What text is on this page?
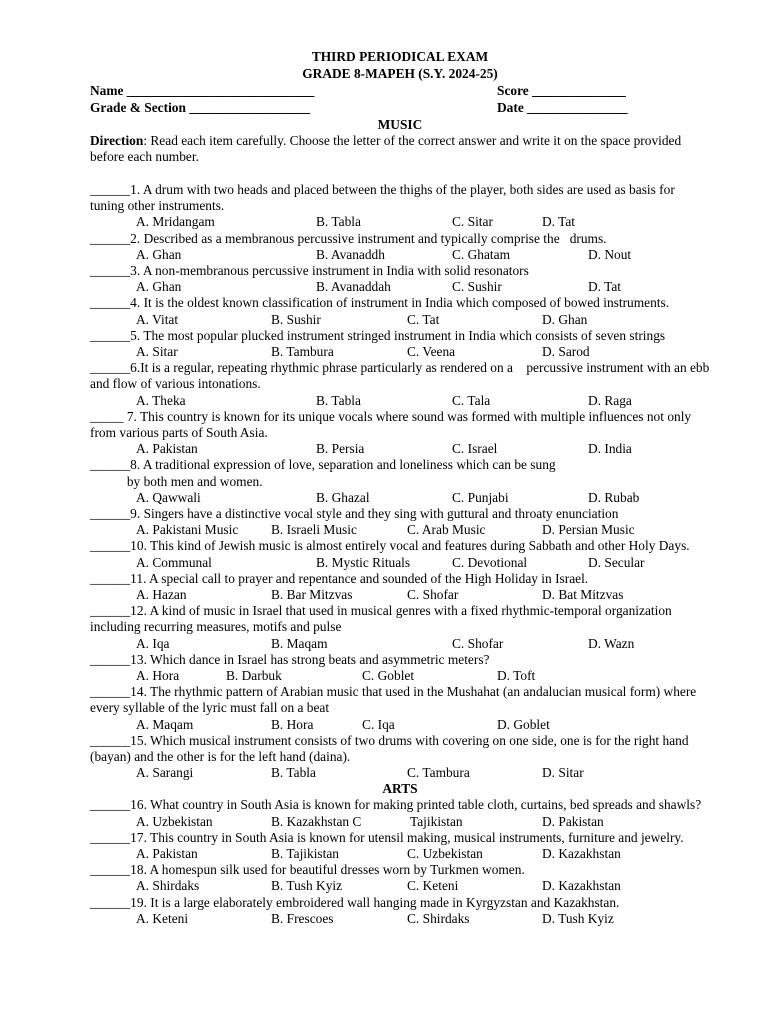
THIRD PERIODICAL EXAM
GRADE 8-MAPEH (S.Y. 2024-25)
Name ____________________________	Score ______________
Grade & Section __________________	Date _______________
MUSIC
Direction: Read each item carefully. Choose the letter of the correct answer and write it on the space provided before each number.
______1. A drum with two heads and placed between the thighs of the player, both sides are used as basis for tuning other instruments.
A. Mridangam	B. Tabla	C. Sitar	D. Tat
______2. Described as a membranous percussive instrument and typically comprise the   drums.
A. Ghan	B. Avanaddh	C. Ghatam	D. Nout
______3. A non-membranous percussive instrument in India with solid resonators
A. Ghan	B. Avanaddah	C. Sushir	D. Tat
______4. It is the oldest known classification of instrument in India which composed of bowed instruments.
A. Vitat	B. Sushir	C. Tat	D. Ghan
______5. The most popular plucked instrument stringed instrument in India which consists of seven strings
A. Sitar	B. Tambura	C. Veena	D. Sarod
______6.It is a regular, repeating rhythmic phrase particularly as rendered on a    percussive instrument with an ebb and flow of various intonations.
A. Theka	B. Tabla	C. Tala	D. Raga
_____ 7. This country is known for its unique vocals where sound was formed with multiple influences not only from various parts of South Asia.
A. Pakistan	B. Persia	C. Israel	D. India
______8. A traditional expression of love, separation and loneliness which can be sung
by both men and women.
A. Qawwali	B. Ghazal	C. Punjabi	D. Rubab
______9. Singers have a distinctive vocal style and they sing with guttural and throaty enunciation
A. Pakistani Music B. Israeli Music	C. Arab Music	D. Persian Music
______10. This kind of Jewish music is almost entirely vocal and features during Sabbath and other Holy Days.
A. Communal	B. Mystic Rituals	C. Devotional	D. Secular
______11. A special call to prayer and repentance and sounded of the High Holiday in Israel.
A. Hazan	B. Bar Mitzvas	C. Shofar	D. Bat Mitzvas
______12. A kind of music in Israel that used in musical genres with a fixed rhythmic-temporal organization including recurring measures, motifs and pulse
A. Iqa	B. Maqam	C. Shofar	D. Wazn
______13. Which dance in Israel has strong beats and asymmetric meters?
A. Hora	B. Darbuk	C. Goblet	D. Toft
______14. The rhythmic pattern of Arabian music that used in the Mushahat (an andalucian musical form) where every syllable of the lyric must fall on a beat
A. Maqam	B. Hora	C. Iqa	D. Goblet
______15. Which musical instrument consists of two drums with covering on one side, one is for the right hand (bayan) and the other is for the left hand (daina).
A. Sarangi	B. Tabla	C. Tambura	D. Sitar
ARTS
______16. What country in South Asia is known for making printed table cloth, curtains, bed spreads and shawls?
A. Uzbekistan	B. Kazakhstan C	Tajikistan	D. Pakistan
______17. This country in South Asia is known for utensil making, musical instruments, furniture and jewelry.
A. Pakistan	B. Tajikistan	C. Uzbekistan	D. Kazakhstan
______18. A homespun silk used for beautiful dresses worn by Turkmen women.
A. Shirdaks	B. Tush Kyiz	C. Keteni	D. Kazakhstan
______19. It is a large elaborately embroidered wall hanging made in Kyrgyzstan and Kazakhstan.
A. Keteni	B. Frescoes	C. Shirdaks	D. Tush Kyiz
